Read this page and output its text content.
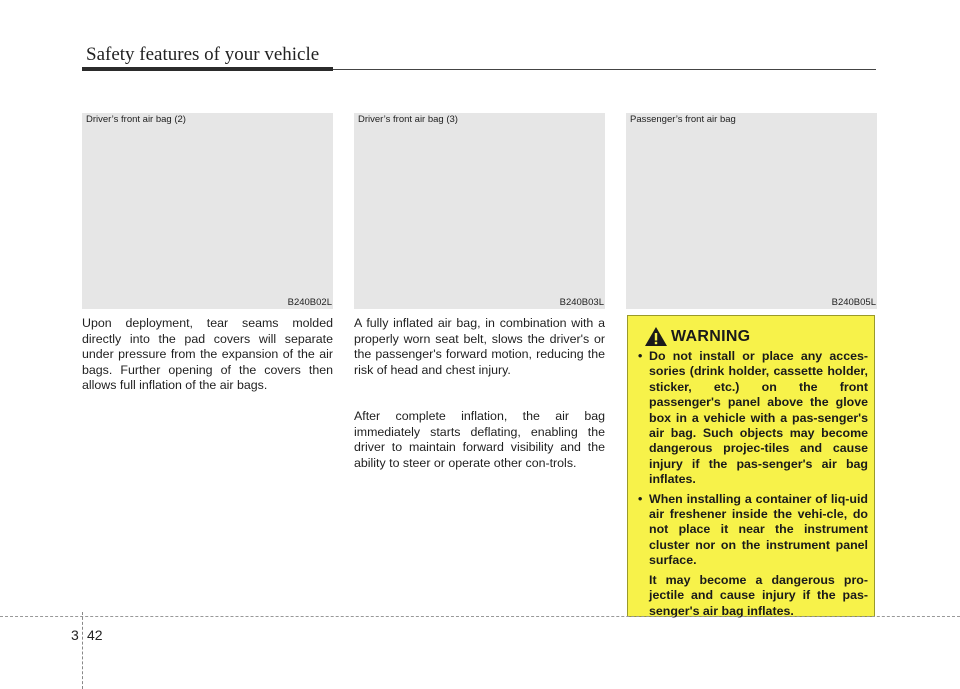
Safety features of your vehicle
Driver’s front air bag (2)
B240B02L
Driver’s front air bag (3)
B240B03L
Passenger’s front air bag
B240B05L

Upon deployment, tear seams molded directly into the pad covers will separate under pressure from the expansion of the air bags. Further opening of the covers then allows full inflation of the air bags.

A fully inflated air bag, in combination with a properly worn seat belt, slows the driver's or the passenger's forward motion, reducing the risk of head and chest injury.

After complete inflation, the air bag immediately starts deflating, enabling the driver to maintain forward visibility and the ability to steer or operate other con-trols.

WARNING
• Do not install or place any acces-sories (drink holder, cassette holder, sticker, etc.) on the front passenger's panel above the glove box in a vehicle with a pas-senger's air bag. Such objects may become dangerous projec-tiles and cause injury if the pas-senger's air bag inflates.
• When installing a container of liq-uid air freshener inside the vehi-cle, do not place it near the instrument cluster nor on the instrument panel surface.
It may become a dangerous pro-jectile and cause injury if the pas-senger's air bag inflates.
3 42
